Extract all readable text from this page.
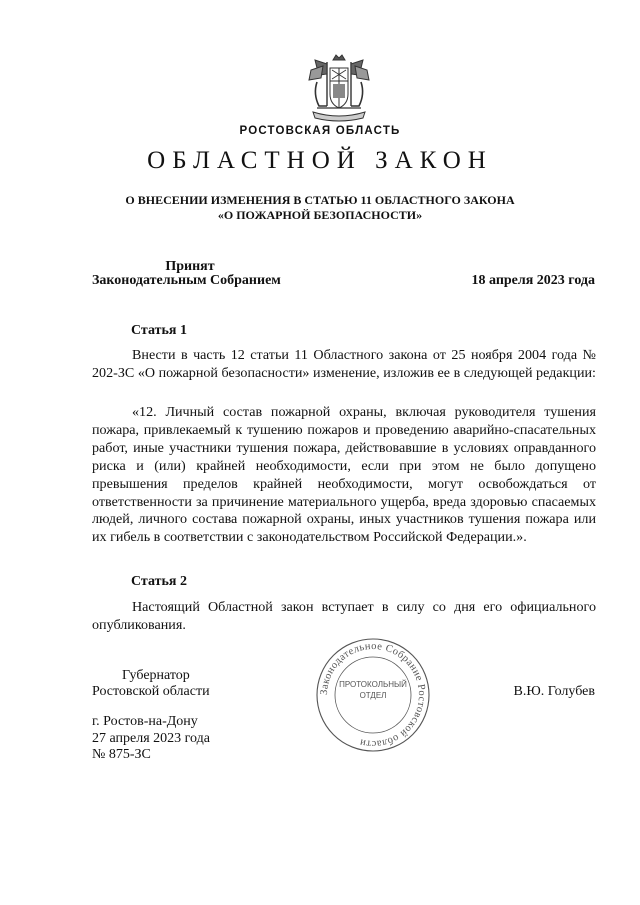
РОСТОВСКАЯ ОБЛАСТЬ
ОБЛАСТНОЙ ЗАКОН
О ВНЕСЕНИИ ИЗМЕНЕНИЯ В СТАТЬЮ 11 ОБЛАСТНОГО ЗАКОНА
«О ПОЖАРНОЙ БЕЗОПАСНОСТИ»
Принят
Законодательным Собранием	18 апреля 2023 года
Статья 1
Внести в часть 12 статьи 11 Областного закона от 25 ноября 2004 года № 202-ЗС «О пожарной безопасности» изменение, изложив ее в следующей редакции:
«12. Личный состав пожарной охраны, включая руководителя тушения пожара, привлекаемый к тушению пожаров и проведению аварийно-спасательных работ, иные участники тушения пожара, действовавшие в условиях оправданного риска и (или) крайней необходимости, если при этом не было допущено превышения пределов крайней необходимости, могут освобождаться от ответственности за причинение материального ущерба, вреда здоровью спасаемых людей, личного состава пожарной охраны, иных участников тушения пожара или их гибель в соответствии с законодательством Российской Федерации.».
Статья 2
Настоящий Областной закон вступает в силу со дня его официального опубликования.
Губернатор
Ростовской области	В.Ю. Голубев
Законодательное Собрание Ростовской области
ПРОТОКОЛЬНЫЙ
ОТДЕЛ
г. Ростов-на-Дону
27 апреля 2023 года
№ 875-ЗС
